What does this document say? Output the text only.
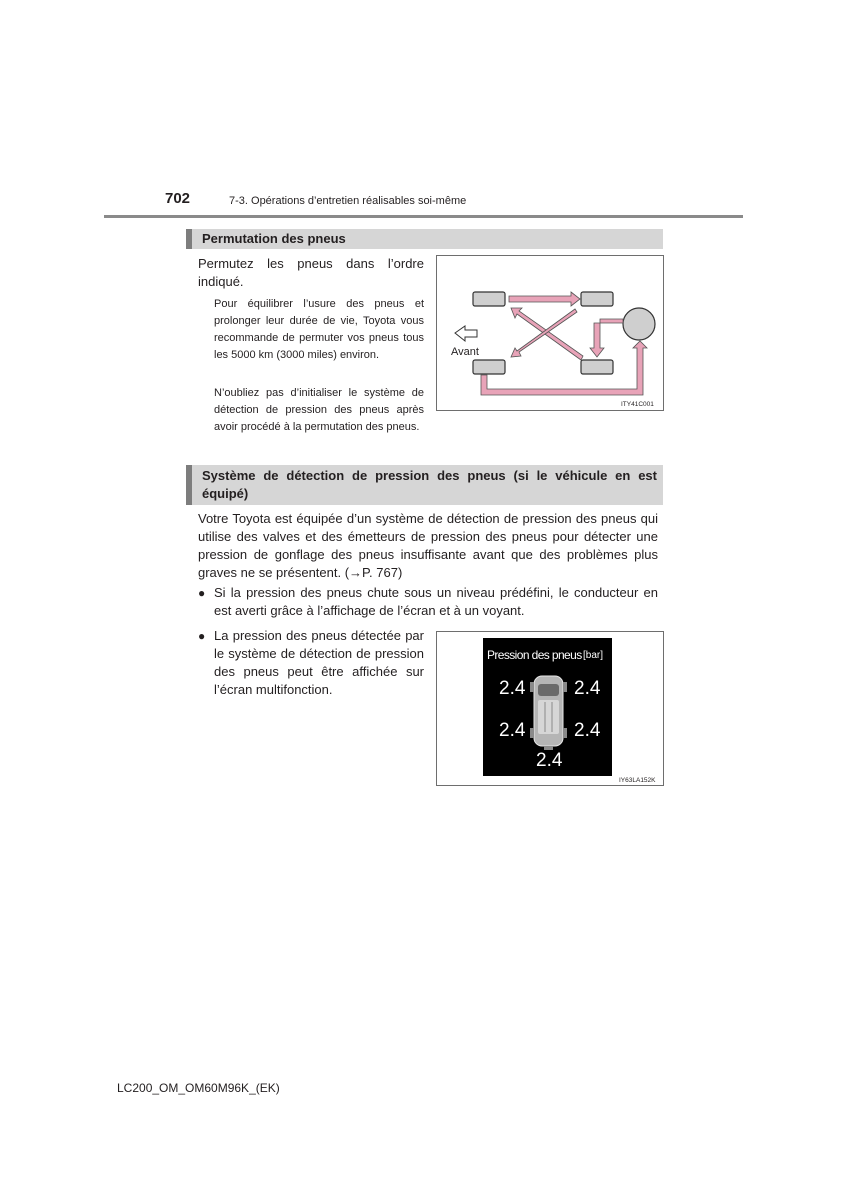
702	7-3. Opérations d’entretien réalisables soi-même
Permutation des pneus
Permutez les pneus dans l’ordre indiqué.
Pour équilibrer l’usure des pneus et prolonger leur durée de vie, Toyota vous recommande de permuter vos pneus tous les 5000 km (3000 miles) environ.
N’oubliez pas d’initialiser le système de détection de pression des pneus après avoir procédé à la permutation des pneus.
Avant
ITY41C001
Système de détection de pression des pneus (si le véhicule en est équipé)
Votre Toyota est équipée d’un système de détection de pression des pneus qui utilise des valves et des émetteurs de pression des pneus pour détecter une pression de gonflage des pneus insuffisante avant que des problèmes plus graves ne se présentent. (→P. 767)
● Si la pression des pneus chute sous un niveau prédéfini, le conducteur en est averti grâce à l’affichage de l’écran et à un voyant.
● La pression des pneus détectée par le système de détection de pression des pneus peut être affichée sur l’écran multifonction.
Pression des pneus [bar]
2.4	2.4
2.4	2.4
2.4
IY63LA152K
LC200_OM_OM60M96K_(EK)
